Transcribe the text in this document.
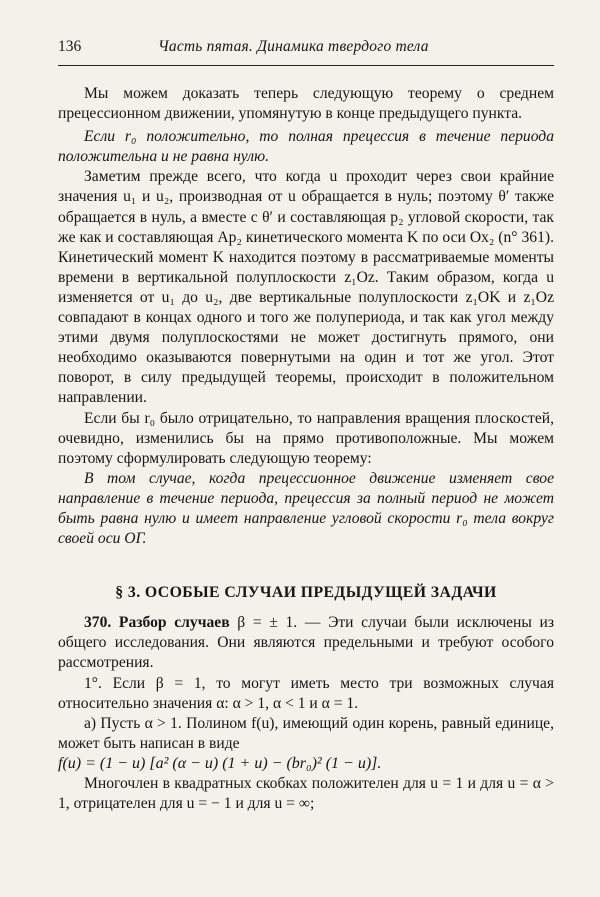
136	Часть пятая. Динамика твердого тела

Мы можем доказать теперь следующую теорему о среднем прецессионном движении, упомянутую в конце предыдущего пункта.

Если r₀ положительно, то полная прецессия в течение периода положительна и не равна нулю.

Заметим прежде всего, что когда u проходит через свои крайние значения u₁ и u₂, производная от u обращается в нуль; поэтому θ′ также обращается в нуль, а вместе с θ′ и составляющая p₂ угловой скорости, так же как и составляющая Ap₂ кинетического момента K по оси Ox₂ (n° 361). Кинетический момент K находится поэтому в рассматриваемые моменты времени в вертикальной полуплоскости z₁Oz. Таким образом, когда u изменяется от u₁ до u₂, две вертикальные полуплоскости z₁OK и z₁Oz совпадают в концах одного и того же полупериода, и так как угол между этими двумя полуплоскостями не может достигнуть прямого, они необходимо оказываются повернутыми на один и тот же угол. Этот поворот, в силу предыдущей теоремы, происходит в положительном направлении.

Если бы r₀ было отрицательно, то направления вращения плоскостей, очевидно, изменились бы на прямо противоположные. Мы можем поэтому сформулировать следующую теорему:

В том случае, когда прецессионное движение изменяет свое направление в течение периода, прецессия за полный период не может быть равна нулю и имеет направление угловой скорости r₀ тела вокруг своей оси OΓ.

§ 3. ОСОБЫЕ СЛУЧАИ ПРЕДЫДУЩЕЙ ЗАДАЧИ

370. Разбор случаев β = ± 1. — Эти случаи были исключены из общего исследования. Они являются предельными и требуют особого рассмотрения.

1°. Если β = 1, то могут иметь место три возможных случая относительно значения α: α > 1, α < 1 и α = 1.

а) Пусть α > 1. Полином f(u), имеющий один корень, равный единице, может быть написан в виде

f(u) = (1 − u) [a² (α − u) (1 + u) − (br₀)² (1 − u)].

Многочлен в квадратных скобках положителен для u = 1 и для u = α > 1, отрицателен для u = − 1 и для u = ∞;
